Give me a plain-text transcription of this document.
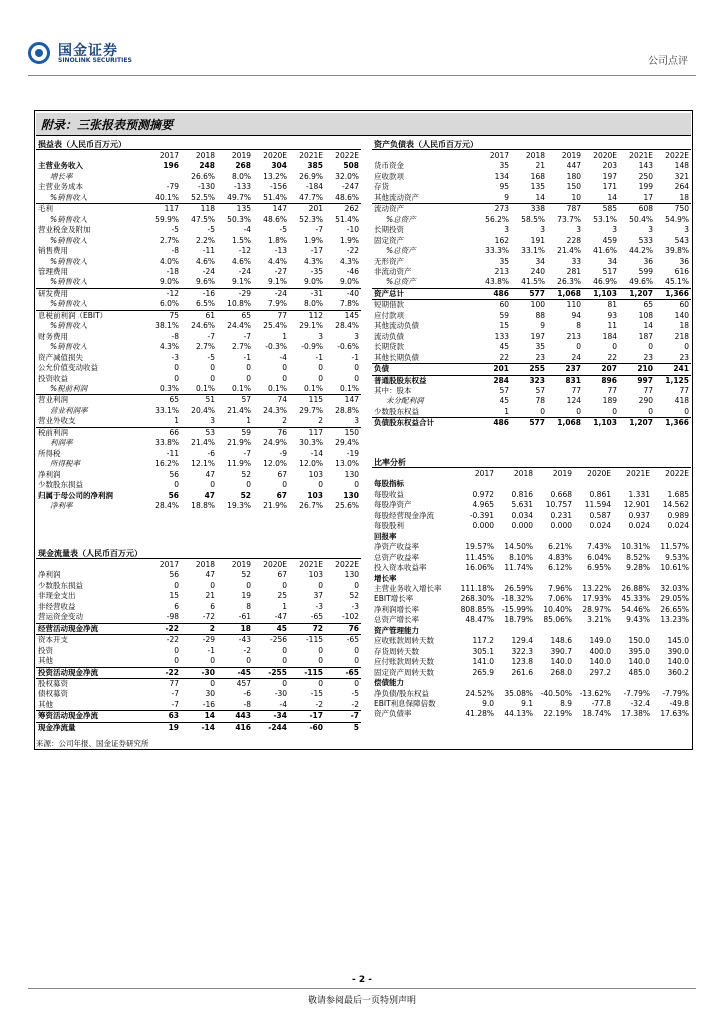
国金证券
SINOLINK SECURITIES	公司点评
附录：三张报表预测摘要
损益表（人民币百万元）
	2017	2018	2019	2020E	2021E	2022E
主营业务收入	196	248	268	304	385	508
增长率		26.6%	8.0%	13.2%	26.9%	32.0%
主营业务成本	-79	-130	-133	-156	-184	-247
%销售收入	40.1%	52.5%	49.7%	51.4%	47.7%	48.6%
毛利	117	118	135	147	201	262
%销售收入	59.9%	47.5%	50.3%	48.6%	52.3%	51.4%
营业税金及附加	-5	-5	-4	-5	-7	-10
%销售收入	2.7%	2.2%	1.5%	1.8%	1.9%	1.9%
销售费用	-8	-11	-12	-13	-17	-22
%销售收入	4.0%	4.6%	4.6%	4.4%	4.3%	4.3%
管理费用	-18	-24	-24	-27	-35	-46
%销售收入	9.0%	9.6%	9.1%	9.1%	9.0%	9.0%
研发费用	-12	-16	-29	-24	-31	-40
%销售收入	6.0%	6.5%	10.8%	7.9%	8.0%	7.8%
息税前利润（EBIT）	75	61	65	77	112	145
%销售收入	38.1%	24.6%	24.4%	25.4%	29.1%	28.4%
财务费用	-8	-7	-7	1	3	3
%销售收入	4.3%	2.7%	2.7%	-0.3%	-0.9%	-0.6%
资产减值损失	-3	-5	-1	-4	-1	-1
公允价值变动收益	0	0	0	0	0	0
投资收益	0	0	0	0	0	0
%税前利润	0.3%	0.1%	0.1%	0.1%	0.1%	0.1%
营业利润	65	51	57	74	115	147
营业利润率	33.1%	20.4%	21.4%	24.3%	29.7%	28.8%
营业外收支	1	3	1	2	2	3
税前利润	66	53	59	76	117	150
利润率	33.8%	21.4%	21.9%	24.9%	30.3%	29.4%
所得税	-11	-6	-7	-9	-14	-19
所得税率	16.2%	12.1%	11.9%	12.0%	12.0%	13.0%
净利润	56	47	52	67	103	130
少数股东损益	0	0	0	0	0	0
归属于母公司的净利润	56	47	52	67	103	130
净利率	28.4%	18.8%	19.3%	21.9%	26.7%	25.6%
资产负债表（人民币百万元）
	2017	2018	2019	2020E	2021E	2022E
货币资金	35	21	447	203	143	148
应收款项	134	168	180	197	250	321
存货	95	135	150	171	199	264
其他流动资产	9	14	10	14	17	18
流动资产	273	338	787	585	608	750
%总资产	56.2%	58.5%	73.7%	53.1%	50.4%	54.9%
长期投资	3	3	3	3	3	3
固定资产	162	191	228	459	533	543
%总资产	33.3%	33.1%	21.4%	41.6%	44.2%	39.8%
无形资产	35	34	33	34	36	36
非流动资产	213	240	281	517	599	616
%总资产	43.8%	41.5%	26.3%	46.9%	49.6%	45.1%
资产总计	486	577	1,068	1,103	1,207	1,366
短期借款	60	100	110	81	65	60
应付款项	59	88	94	93	108	140
其他流动负债	15	9	8	11	14	18
流动负债	133	197	213	184	187	218
长期贷款	45	35	0	0	0	0
其他长期负债	22	23	24	22	23	23
负债	201	255	237	207	210	241
普通股股东权益	284	323	831	896	997	1,125
其中：股本	57	57	77	77	77	77
未分配利润	45	78	124	189	290	418
少数股东权益	1	0	0	0	0	0
负债股东权益合计	486	577	1,068	1,103	1,207	1,366
比率分析
	2017	2018	2019	2020E	2021E	2022E
每股指标						
每股收益	0.972	0.816	0.668	0.861	1.331	1.685
每股净资产	4.965	5.631	10.757	11.594	12.901	14.562
每股经营现金净流	-0.391	0.034	0.231	0.587	0.937	0.989
每股股利	0.000	0.000	0.000	0.024	0.024	0.024
回报率						
净资产收益率	19.57%	14.50%	6.21%	7.43%	10.31%	11.57%
总资产收益率	11.45%	8.10%	4.83%	6.04%	8.52%	9.53%
投入资本收益率	16.06%	11.74%	6.12%	6.95%	9.28%	10.61%
增长率						
主营业务收入增长率	111.18%	26.59%	7.96%	13.22%	26.88%	32.03%
EBIT增长率	268.30%	-18.32%	7.06%	17.93%	45.33%	29.05%
净利润增长率	808.85%	-15.99%	10.40%	28.97%	54.46%	26.65%
总资产增长率	48.47%	18.79%	85.06%	3.21%	9.43%	13.23%
资产管理能力						
应收账款周转天数	117.2	129.4	148.6	149.0	150.0	145.0
存货周转天数	305.1	322.3	390.7	400.0	395.0	390.0
应付账款周转天数	141.0	123.8	140.0	140.0	140.0	140.0
固定资产周转天数	265.9	261.6	268.0	297.2	485.0	360.2
偿债能力						
净负债/股东权益	24.52%	35.08%	-40.50%	-13.62%	-7.79%	-7.79%
EBIT利息保障倍数	9.0	9.1	8.9	-77.8	-32.4	-49.8
资产负债率	41.28%	44.13%	22.19%	18.74%	17.38%	17.63%
现金流量表（人民币百万元）
	2017	2018	2019	2020E	2021E	2022E
净利润	56	47	52	67	103	130
少数股东损益	0	0	0	0	0	0
非现金支出	15	21	19	25	37	52
非经营收益	6	6	8	1	-3	-3
营运资金变动	-98	-72	-61	-47	-65	-102
经营活动现金净流	-22	2	18	45	72	76
资本开支	-22	-29	-43	-256	-115	-65
投资	0	-1	-2	0	0	0
其他	0	0	0	0	0	0
投资活动现金净流	-22	-30	-45	-255	-115	-65
股权募资	77	0	457	0	0	0
债权募资	-7	30	-6	-30	-15	-5
其他	-7	-16	-8	-4	-2	-2
筹资活动现金净流	63	14	443	-34	-17	-7
现金净流量	19	-14	416	-244	-60	5
来源：公司年报、国金证券研究所
- 2 -
敬请参阅最后一页特别声明
